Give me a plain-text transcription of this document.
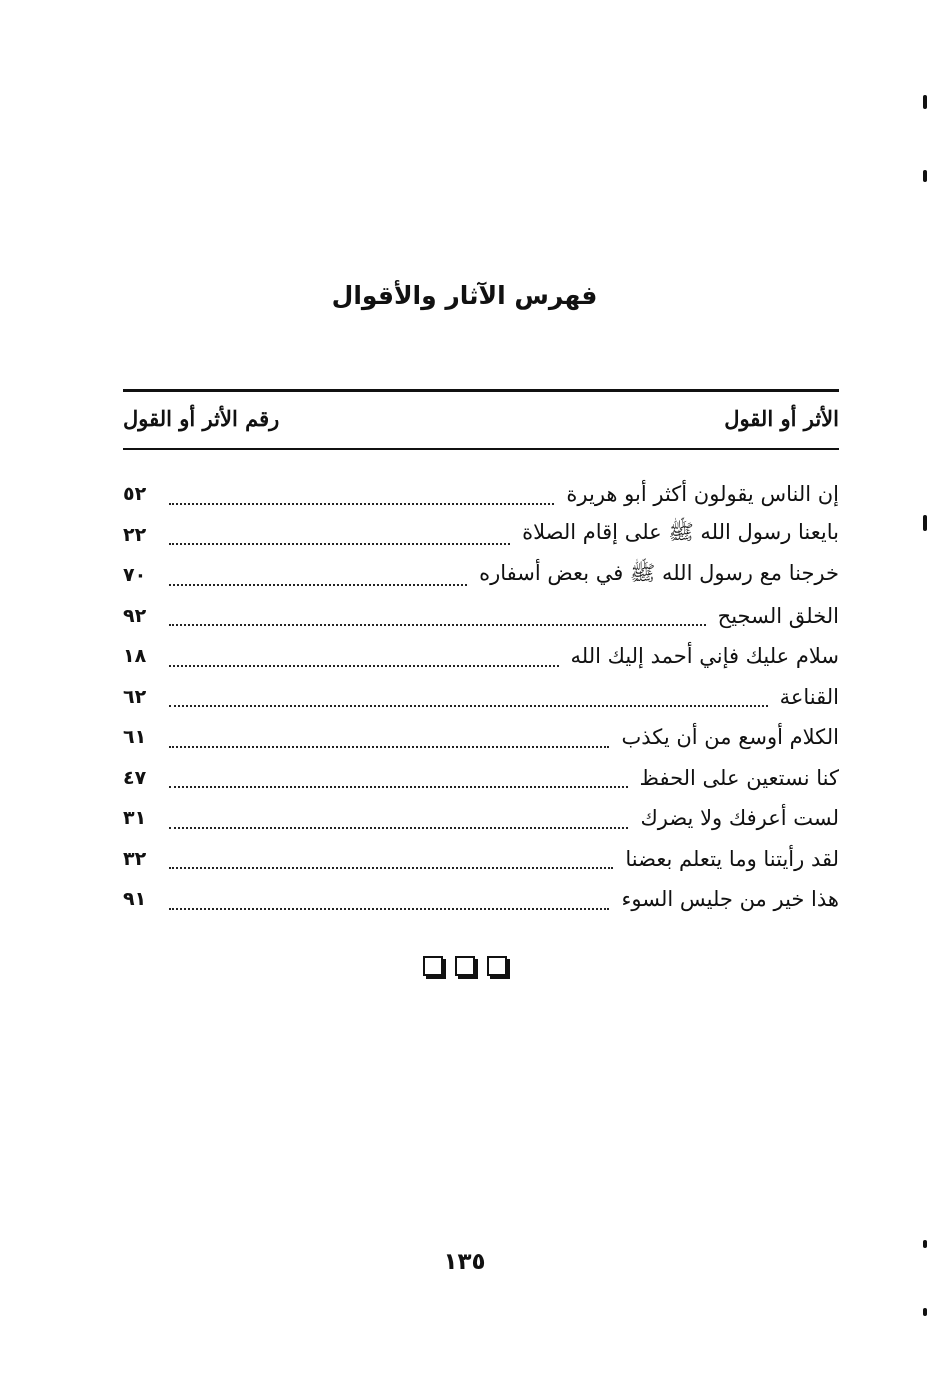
فهرس الآثار والأقوال
الأثر أو القول
رقم الأثر أو القول
إن الناس يقولون أكثر أبو هريرة
٥٢
بايعنا رسول الله ﷺ على إقام الصلاة
٢٢
خرجنا مع رسول الله ﷺ في بعض أسفاره
٧٠
الخلق السجيح
٩٢
سلام عليك فإني أحمد إليك الله
١٨
القناعة
٦٢
الكلام أوسع من أن يكذب
٦١
كنا نستعين على الحفظ
٤٧
لست أعرفك ولا يضرك
٣١
لقد رأيتنا وما يتعلم بعضنا
٣٢
هذا خير من جليس السوء
٩١
١٣٥
